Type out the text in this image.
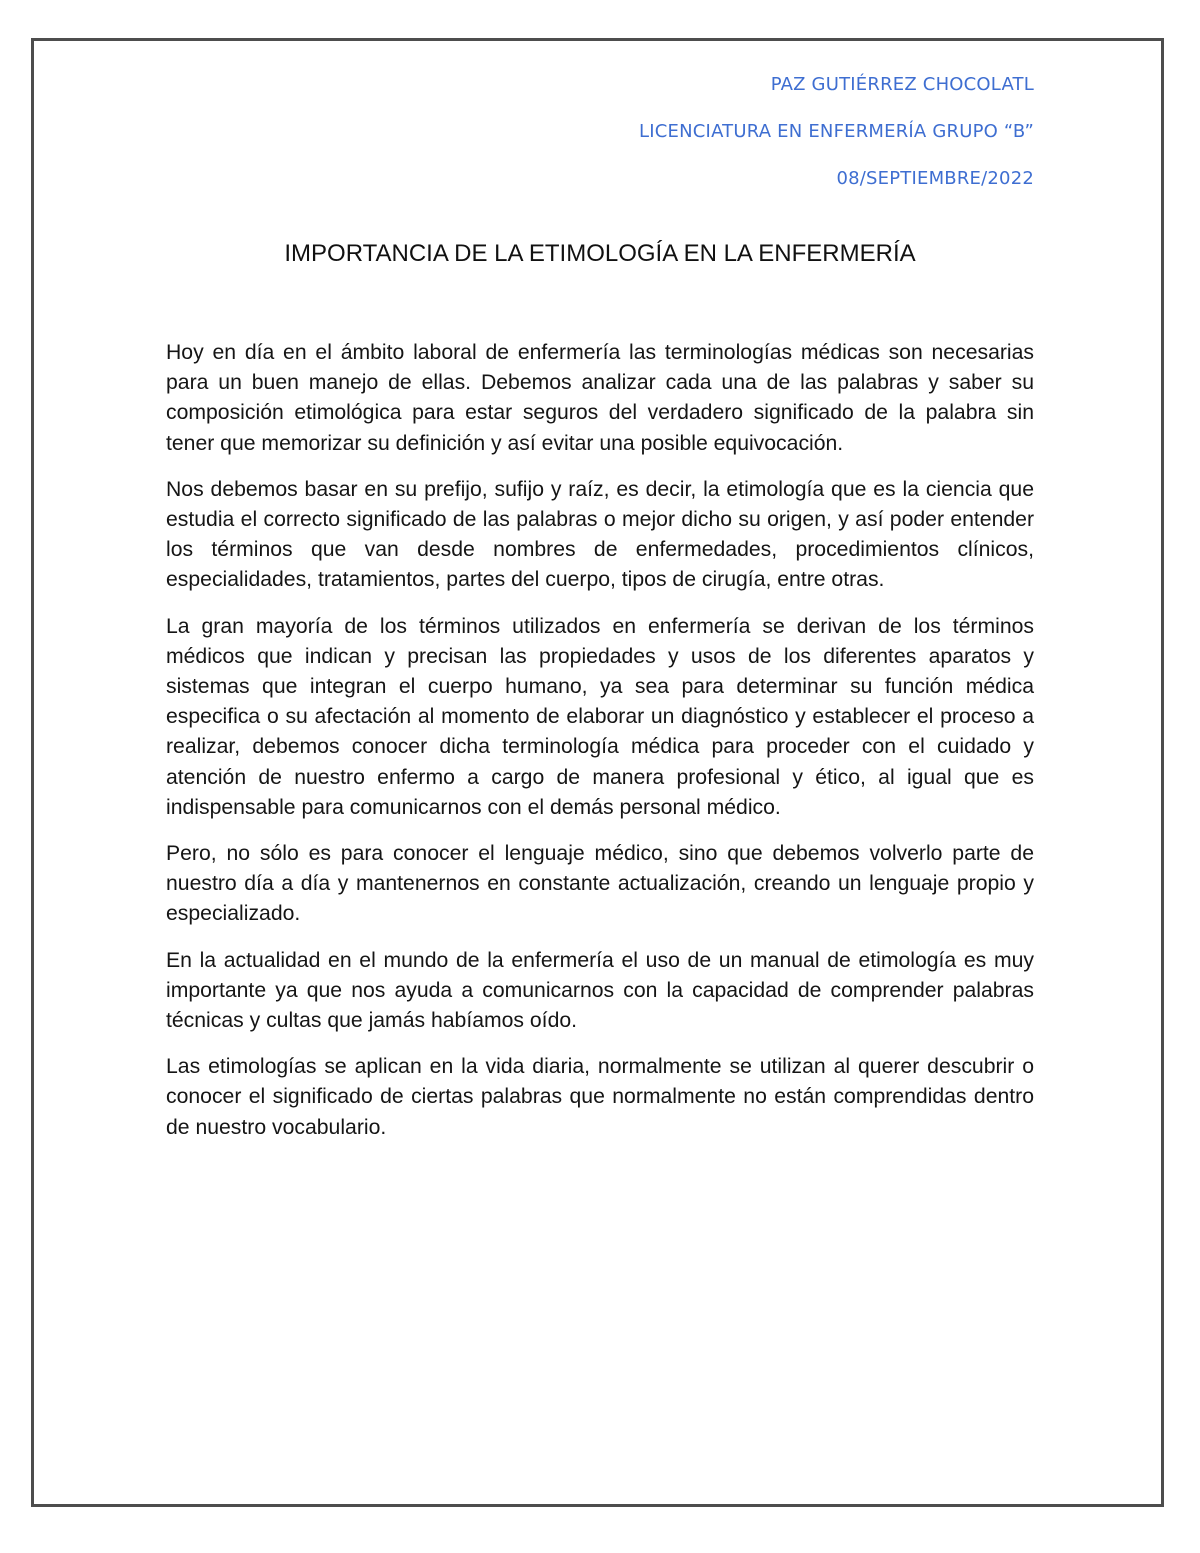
PAZ GUTIÉRREZ CHOCOLATL
LICENCIATURA EN ENFERMERÍA GRUPO “B”
08/SEPTIEMBRE/2022
IMPORTANCIA DE LA ETIMOLOGÍA EN LA ENFERMERÍA

Hoy en día en el ámbito laboral de enfermería las terminologías médicas son necesarias para un buen manejo de ellas. Debemos analizar cada una de las palabras y saber su composición etimológica para estar seguros del verdadero significado de la palabra sin tener que memorizar su definición y así evitar una posible equivocación.

Nos debemos basar en su prefijo, sufijo y raíz, es decir, la etimología que es la ciencia que estudia el correcto significado de las palabras o mejor dicho su origen, y así poder entender los términos que van desde nombres de enfermedades, procedimientos clínicos, especialidades, tratamientos, partes del cuerpo, tipos de cirugía, entre otras.

La gran mayoría de los términos utilizados en enfermería se derivan de los términos médicos que indican y precisan las propiedades y usos de los diferentes aparatos y sistemas que integran el cuerpo humano, ya sea para determinar su función médica especifica o su afectación al momento de elaborar un diagnóstico y establecer el proceso a realizar, debemos conocer dicha terminología médica para proceder con el cuidado y atención de nuestro enfermo a cargo de manera profesional y ético, al igual que es indispensable para comunicarnos con el demás personal médico.

Pero, no sólo es para conocer el lenguaje médico, sino que debemos volverlo parte de nuestro día a día y mantenernos en constante actualización, creando un lenguaje propio y especializado.

En la actualidad en el mundo de la enfermería el uso de un manual de etimología es muy importante ya que nos ayuda a comunicarnos con la capacidad de comprender palabras técnicas y cultas que jamás habíamos oído.

Las etimologías se aplican en la vida diaria, normalmente se utilizan al querer descubrir o conocer el significado de ciertas palabras que normalmente no están comprendidas dentro de nuestro vocabulario.
